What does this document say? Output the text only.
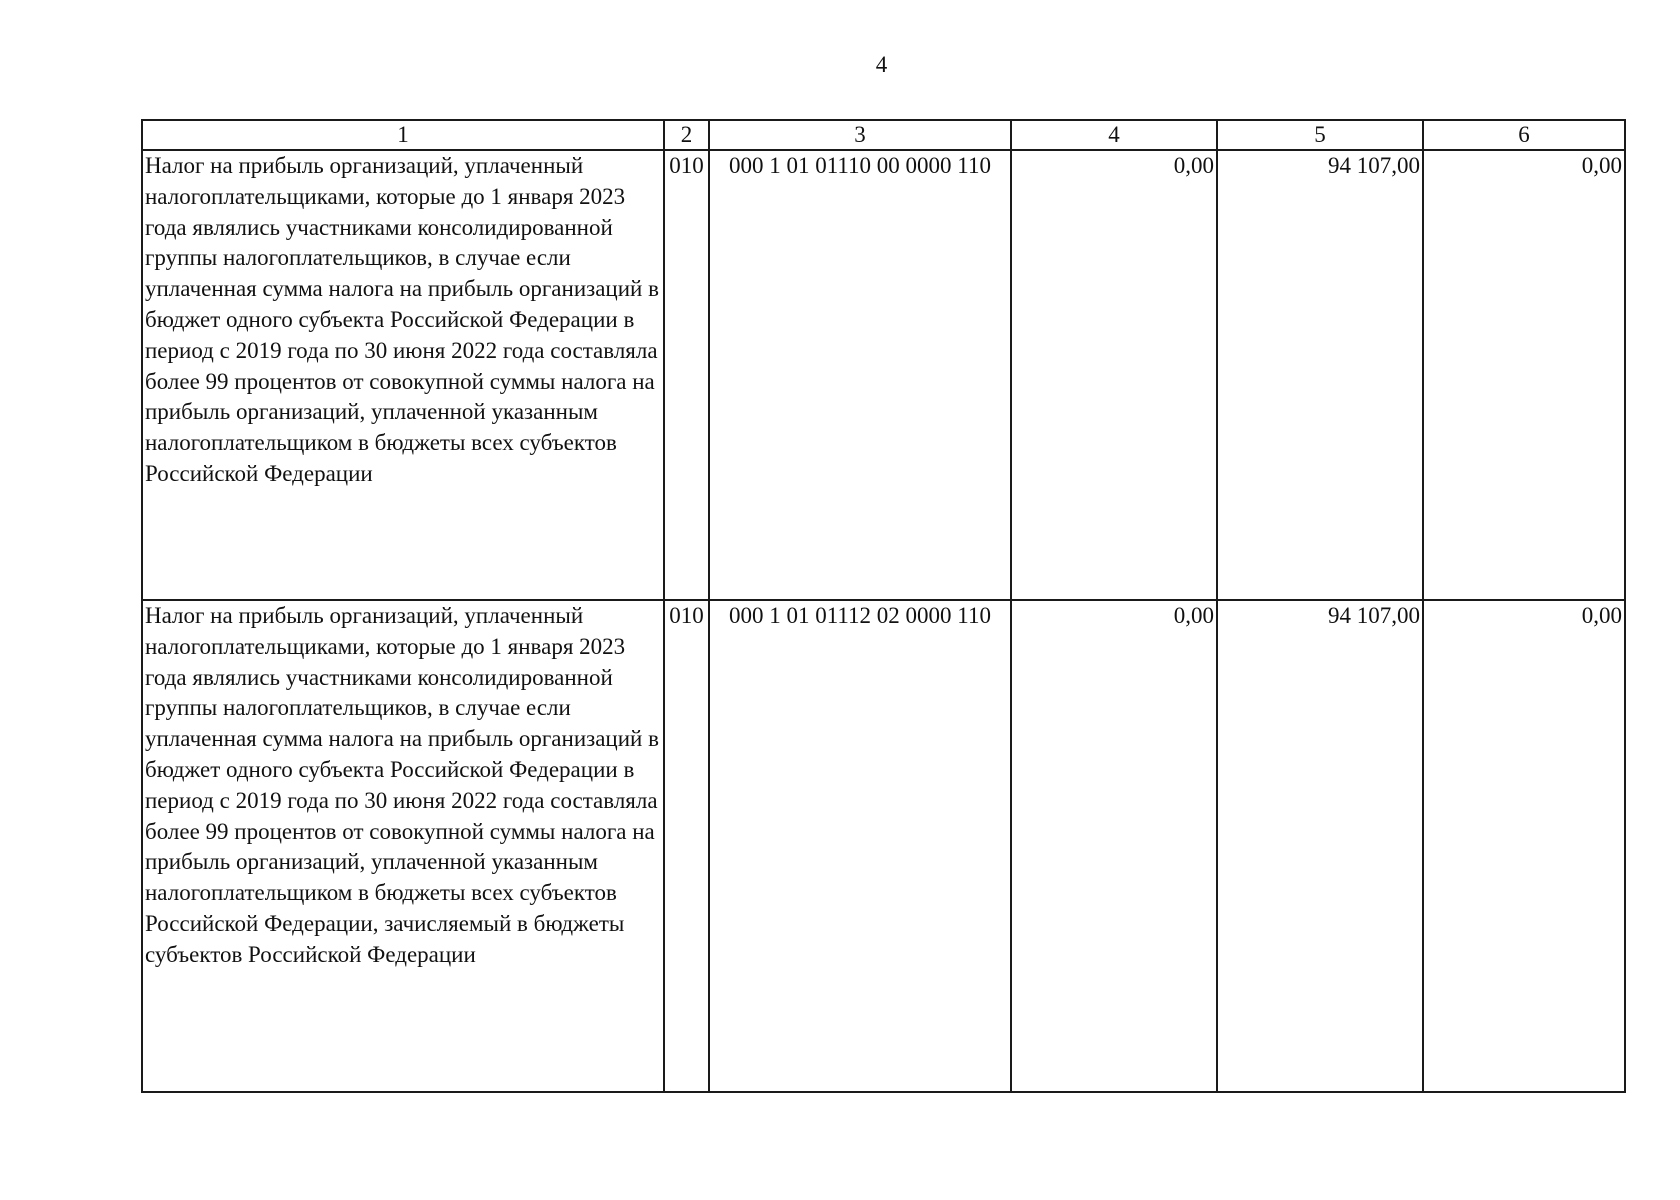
4
1	2	3	4	5	6
Налог на прибыль организаций, уплаченный налогоплательщиками, которые до 1 января 2023 года являлись участниками консолидированной группы налогоплательщиков, в случае если уплаченная сумма налога на прибыль организаций в бюджет одного субъекта Российской Федерации в период с 2019 года по 30 июня 2022 года составляла более 99 процентов от совокупной суммы налога на прибыль организаций, уплаченной указанным налогоплательщиком в бюджеты всех субъектов Российской Федерации	010	000 1 01 01110 00 0000 110	0,00	94 107,00	0,00
Налог на прибыль организаций, уплаченный налогоплательщиками, которые до 1 января 2023 года являлись участниками консолидированной группы налогоплательщиков, в случае если уплаченная сумма налога на прибыль организаций в бюджет одного субъекта Российской Федерации в период с 2019 года по 30 июня 2022 года составляла более 99 процентов от совокупной суммы налога на прибыль организаций, уплаченной указанным налогоплательщиком в бюджеты всех субъектов Российской Федерации, зачисляемый в бюджеты субъектов Российской Федерации	010	000 1 01 01112 02 0000 110	0,00	94 107,00	0,00
